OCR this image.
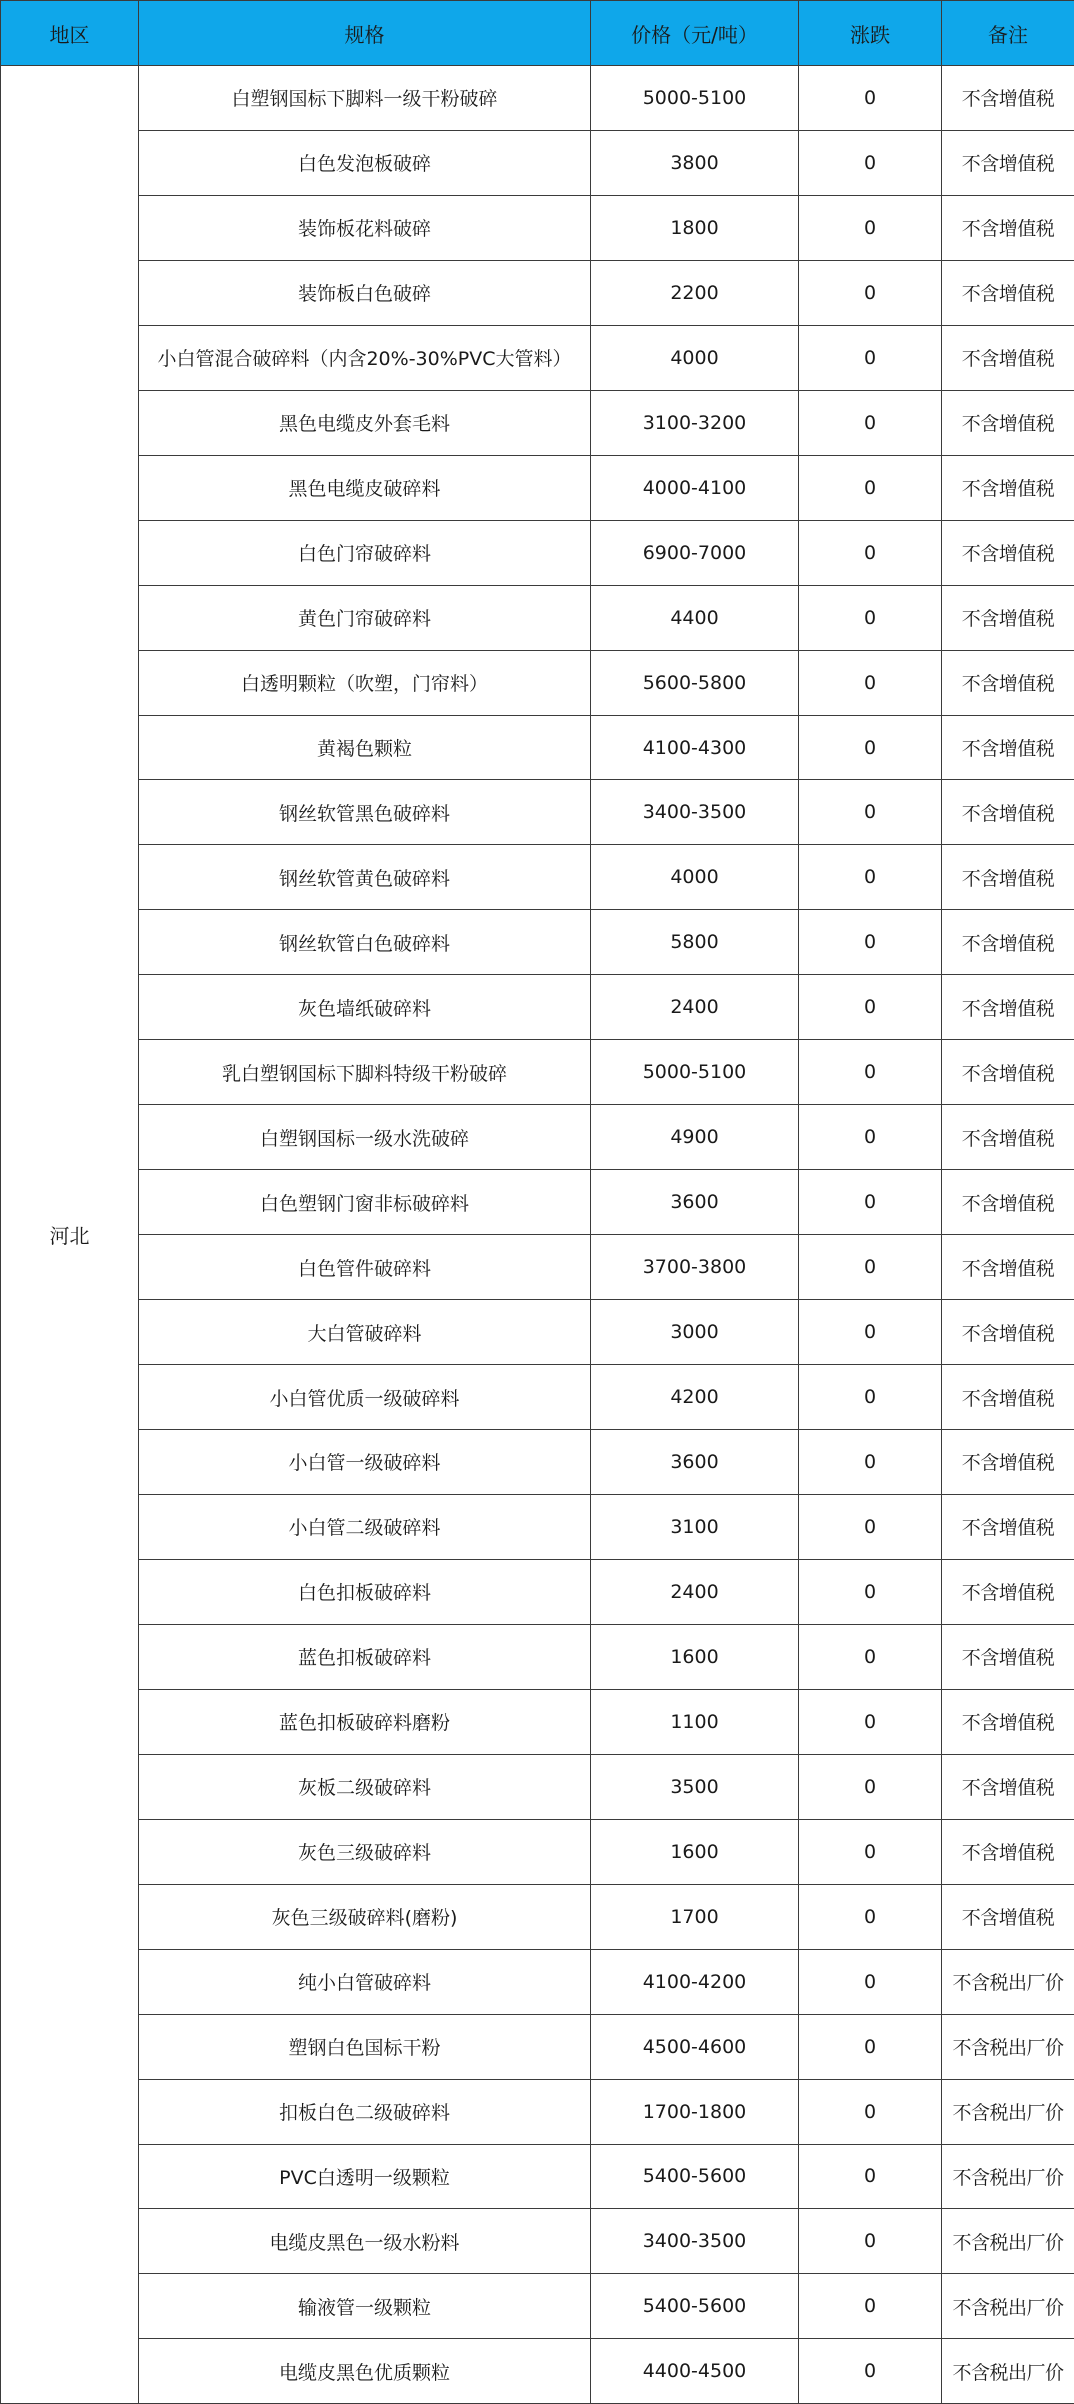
地区	规格	价格（元/吨）	涨跌	备注
河北	白塑钢国标下脚料一级干粉破碎	5000-5100	0	不含增值税
	白色发泡板破碎	3800	0	不含增值税
	装饰板花料破碎	1800	0	不含增值税
	装饰板白色破碎	2200	0	不含增值税
	小白管混合破碎料（内含20%-30%PVC大管料）	4000	0	不含增值税
	黑色电缆皮外套毛料	3100-3200	0	不含增值税
	黑色电缆皮破碎料	4000-4100	0	不含增值税
	白色门帘破碎料	6900-7000	0	不含增值税
	黄色门帘破碎料	4400	0	不含增值税
	白透明颗粒（吹塑，门帘料）	5600-5800	0	不含增值税
	黄褐色颗粒	4100-4300	0	不含增值税
	钢丝软管黑色破碎料	3400-3500	0	不含增值税
	钢丝软管黄色破碎料	4000	0	不含增值税
	钢丝软管白色破碎料	5800	0	不含增值税
	灰色墙纸破碎料	2400	0	不含增值税
	乳白塑钢国标下脚料特级干粉破碎	5000-5100	0	不含增值税
	白塑钢国标一级水洗破碎	4900	0	不含增值税
	白色塑钢门窗非标破碎料	3600	0	不含增值税
	白色管件破碎料	3700-3800	0	不含增值税
	大白管破碎料	3000	0	不含增值税
	小白管优质一级破碎料	4200	0	不含增值税
	小白管一级破碎料	3600	0	不含增值税
	小白管二级破碎料	3100	0	不含增值税
	白色扣板破碎料	2400	0	不含增值税
	蓝色扣板破碎料	1600	0	不含增值税
	蓝色扣板破碎料磨粉	1100	0	不含增值税
	灰板二级破碎料	3500	0	不含增值税
	灰色三级破碎料	1600	0	不含增值税
	灰色三级破碎料(磨粉)	1700	0	不含增值税
	纯小白管破碎料	4100-4200	0	不含税出厂价
	塑钢白色国标干粉	4500-4600	0	不含税出厂价
	扣板白色二级破碎料	1700-1800	0	不含税出厂价
	PVC白透明一级颗粒	5400-5600	0	不含税出厂价
	电缆皮黑色一级水粉料	3400-3500	0	不含税出厂价
	输液管一级颗粒	5400-5600	0	不含税出厂价
	电缆皮黑色优质颗粒	4400-4500	0	不含税出厂价
